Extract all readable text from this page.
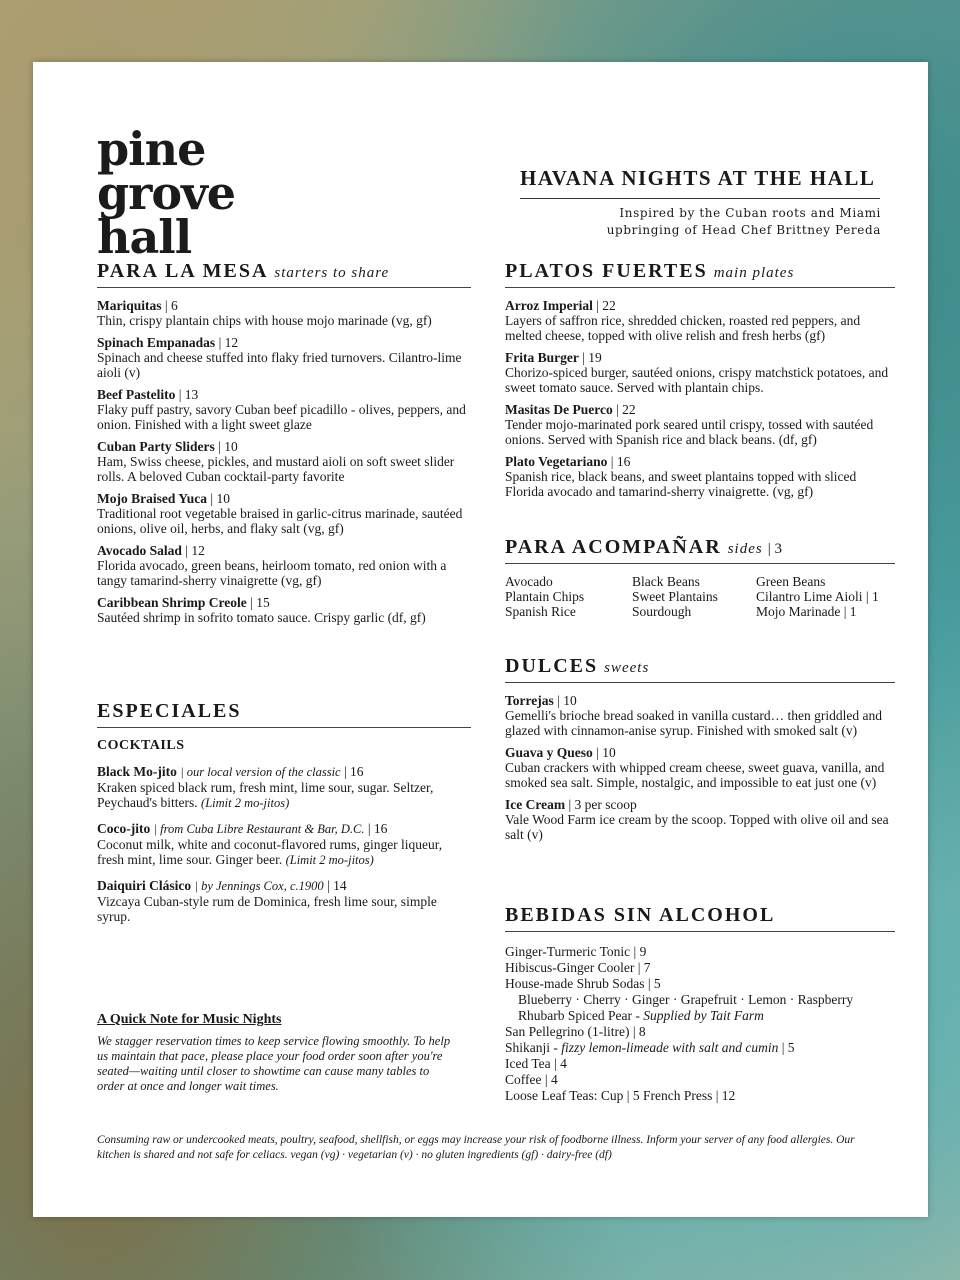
pine
grove
hall
HAVANA NIGHTS AT THE HALL
Inspired by the Cuban roots and Miami
upbringing of Head Chef Brittney Pereda
PARA LA MESA starters to share
Mariquitas | 6
Thin, crispy plantain chips with house mojo marinade (vg, gf)
Spinach Empanadas | 12
Spinach and cheese stuffed into flaky fried turnovers. Cilantro-lime aioli (v)
Beef Pastelito | 13
Flaky puff pastry, savory Cuban beef picadillo - olives, peppers, and onion. Finished with a light sweet glaze
Cuban Party Sliders | 10
Ham, Swiss cheese, pickles, and mustard aioli on soft sweet slider rolls. A beloved Cuban cocktail-party favorite
Mojo Braised Yuca | 10
Traditional root vegetable braised in garlic-citrus marinade, sautéed onions, olive oil, herbs, and flaky salt (vg, gf)
Avocado Salad | 12
Florida avocado, green beans, heirloom tomato, red onion with a tangy tamarind-sherry vinaigrette (vg, gf)
Caribbean Shrimp Creole | 15
Sautéed shrimp in sofrito tomato sauce. Crispy garlic (df, gf)
PLATOS FUERTES main plates
Arroz Imperial | 22
Layers of saffron rice, shredded chicken, roasted red peppers, and melted cheese, topped with olive relish and fresh herbs (gf)
Frita Burger | 19
Chorizo-spiced burger, sautéed onions, crispy matchstick potatoes, and sweet tomato sauce. Served with plantain chips.
Masitas De Puerco | 22
Tender mojo-marinated pork seared until crispy, tossed with sautéed onions. Served with Spanish rice and black beans. (df, gf)
Plato Vegetariano | 16
Spanish rice, black beans, and sweet plantains topped with sliced Florida avocado and tamarind-sherry vinaigrette. (vg, gf)
PARA ACOMPAÑAR sides | 3
Avocado
Plantain Chips
Spanish Rice
Black Beans
Sweet Plantains
Sourdough
Green Beans
Cilantro Lime Aioli | 1
Mojo Marinade | 1
DULCES sweets
Torrejas | 10
Gemelli's brioche bread soaked in vanilla custard… then griddled and glazed with cinnamon-anise syrup. Finished with smoked salt (v)
Guava y Queso | 10
Cuban crackers with whipped cream cheese, sweet guava, vanilla, and smoked sea salt. Simple, nostalgic, and impossible to eat just one (v)
Ice Cream | 3 per scoop
Vale Wood Farm ice cream by the scoop. Topped with olive oil and sea salt (v)
ESPECIALES
COCKTAILS
Black Mo-jito | our local version of the classic | 16
Kraken spiced black rum, fresh mint, lime sour, sugar. Seltzer, Peychaud's bitters. (Limit 2 mo-jitos)
Coco-jito | from Cuba Libre Restaurant & Bar, D.C. | 16
Coconut milk, white and coconut-flavored rums, ginger liqueur, fresh mint, lime sour. Ginger beer. (Limit 2 mo-jitos)
Daiquiri Clásico | by Jennings Cox, c.1900 | 14
Vizcaya Cuban-style rum de Dominica, fresh lime sour, simple syrup.
A Quick Note for Music Nights
We stagger reservation times to keep service flowing smoothly. To help us maintain that pace, please place your food order soon after you're seated—waiting until closer to showtime can cause many tables to order at once and longer wait times.
BEBIDAS SIN ALCOHOL
Ginger-Turmeric Tonic | 9
Hibiscus-Ginger Cooler | 7
House-made Shrub Sodas | 5
Blueberry · Cherry · Ginger · Grapefruit · Lemon · Raspberry
Rhubarb Spiced Pear - Supplied by Tait Farm
San Pellegrino (1-litre) | 8
Shikanji - fizzy lemon-limeade with salt and cumin | 5
Iced Tea | 4
Coffee | 4
Loose Leaf Teas: Cup | 5 French Press | 12
Consuming raw or undercooked meats, poultry, seafood, shellfish, or eggs may increase your risk of foodborne illness. Inform your server of any food allergies. Our kitchen is shared and not safe for celiacs. vegan (vg) · vegetarian (v) · no gluten ingredients (gf) · dairy-free (df)
